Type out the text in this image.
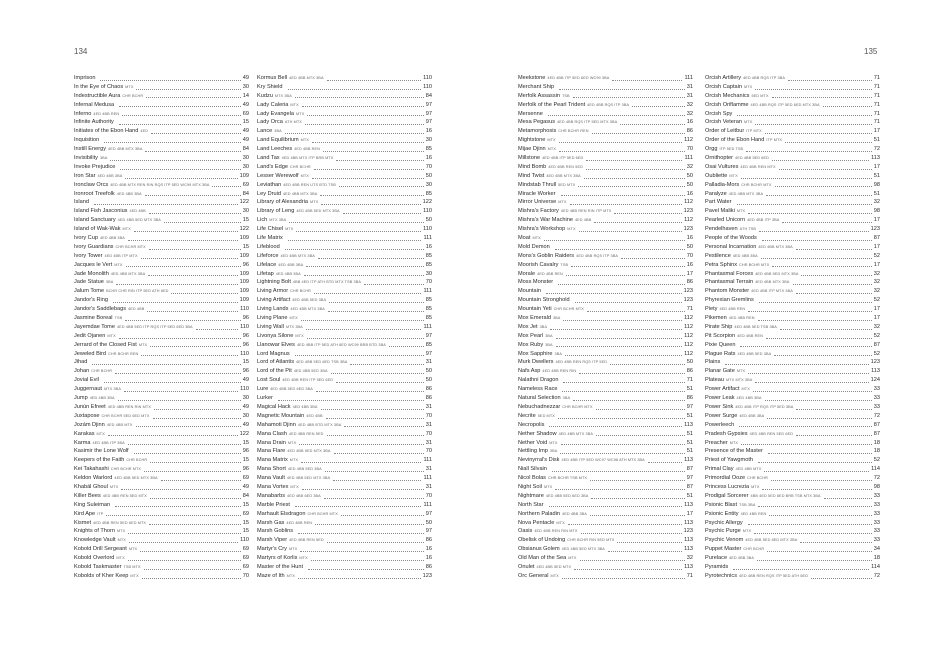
134	135
Imprison	49
In the Eye of Chaos MTX	30
Indestructible Aura CHR BCHR	14
Infernal Medusa	49
Inferno 4ED 4BB REN	69
Infinite Authority	15
Initiates of the Ebon Hand 4ED	49
Inquisition	49
Instill Energy 4ED 4BB MTX 3BA	84
Invisibility 3BA	30
Invoke Prejudice	30
Iron Star 4ED 4BB 3BA	109
Ironclaw Orcs 4ED 4BB MTX REN RIN RQS ITP 5ED WC99 MTX 3BA	69
Ironroot Treefolk 4ED 4BB 3BA	84
Island	122
Island Fish Jasconius 4ED 4BB	30
Island Sanctuary 4ED 4BB 5ED MTX 3BA	15
Island of Wak-Wak MTX	122
Ivory Cup 4ED 4BB 3BA	109
Ivory Guardians CHR BCHR MTX	15
Ivory Tower 4ED 4BB ITP MTX	109
Jacques le Vert MTX	96
Jade Monolith 4ED 4BB MTX 3BA	109
Jade Statue 3BA	109
Jalum Tome BCHR CHR RIN ITP 5ED ATH 6ED	109
Jandor's Ring	109
Jandor's Saddlebags 4ED 4BB	110
Jasmine Boreal TSB	96
Jayemdae Tome 4ED 4BB 5ED ITP RQS ITP 5ED 6ED 3BA	110
Jedit Ojanen MTX	96
Jerrard of the Closed Fist MTX	96
Jeweled Bird CHR BCHR REN	110
Jihad	15
Johan CHR BCHR	96
Jovial Evil	49
Juggernaut MTX 3BA	110
Jump 4ED 4BB 3BA	30
Junún Efreet 4ED 4BB REN RIN MTX	49
Juxtapose CHR BCHR 5ED 6ED MTX	30
Jozám Djinn 4ED 4BB MTX	49
Karakas MTX	122
Karma 4ED 4BB ITP 3BA	15
Kasimir the Lone Wolf	96
Keepers of the Faith CHR BCHR	15
Kei Takahashi CHR BCHR MTX	96
Keldon Warlord 4ED 4BB 5ED MTX 3BA	69
Khabál Ghoul MTX	49
Killer Bees 4ED 4BB REN 5ED MTX	84
King Suleiman	15
Kird Ape ITP	69
Kismet 4ED 4BB REN 5ED 6ED MTX	15
Knights of Thorn MTX	15
Knowledge Vault MTX	110
Kobold Drill Sergeant MTX	69
Kobold Overlord MTX	69
Kobold Taskmaster TSB MTX	69
Kobolds of Kher Keep MTX	70
Kormus Bell 4ED 4BB MTX 3BA	110
Kry Shield	110
Kudzu MTX 3BA	84
Lady Caleria MTX	97
Lady Evangela MTX	97
Lady Orca ATH MTX	97
Lance 3BA	16
Land Equilibrium MTX	30
Land Leeches 4ED 4BB REN	85
Land Tax 4ED 4BB MTX ITP BRB MTX	16
Land's Edge CHR BCHR	70
Lesser Werewolf MTX	50
Leviathan 4ED 4BB REN UTS BTD TSB	30
Ley Druid 4ED 4BB MTX 3BA	85
Library of Alexandria MTX	122
Library of Leng 4ED 4BB 5ED MTX 3BA	110
Lich MTX 3BA	50
Life Chisel MTX	110
Life Matrix	111
Lifeblood	16
Lifeforce 4ED 4BB MTX 3BA	85
Lifelace 4ED 4BB 3BA	85
Lifetap 4ED 4BB 3BA	30
Lightning Bolt 4BB 4ED ITP ATH BTD MTX TSB 3BA	70
Living Armor CHR BCHR	111
Living Artifact 4ED 4BB 5ED 3BA	85
Living Lands 4ED 4BB MTX 3BA	85
Living Plane MTX	85
Living Wall MTX 3BA	111
Livonya Silone MTX	97
Llanowar Elves 4ED 4BB ITP 5ED ATH 6ED WC99 BRB BTD 3BA	85
Lord Magnus	97
Lord of Atlantis 4ED 4BB 5ED 6ED TSB 3BA	31
Lord of the Pit 4ED 4BB 5ED 3BA	50
Lost Soul 4ED 4BB REN ITP 5ED 6ED	50
Lure 4ED 4BB 5ED 6ED 3BA	86
Lurker	86
Magical Hack 4ED 4BB 3BA	31
Magnetic Mountain 4ED 4BB	70
Mahamoti Djinn 4ED 4BB BTD MTX 3BA	31
Mana Clash 4ED 4BB REN 5ED	70
Mana Drain MTX	31
Mana Flare 4ED 4BB 5ED MTX 3BA	70
Mana Matrix MTX	111
Mana Short 4ED 4BB 5ED 3BA	31
Mana Vault 4ED 4BB 5ED MTX 3BA	111
Mana Vortex MTX	31
Manabarbs 4ED 4BB 6ED 3BA	70
Marble Priest	111
Marhault Elsdragon CHR BCHR MTX	97
Marsh Gas 4ED 4BB REN	50
Marsh Goblins	97
Marsh Viper 4ED 4BB REN 5ED	86
Martyr's Cry MTX	16
Martyrs of Korlis MTX	16
Master of the Hunt	86
Maze of Ith MTX	123
Meekstone 4ED 4BB ITP 5ED 6ED WC99 3BA	111
Merchant Ship	31
Merfolk Assassin TSB	31
Merfolk of the Pearl Trident 4ED 4BB RQS ITP 3BA	32
Mersenne	32
Mesa Pegasus 4ED 4BB RQS ITP 5ED MTX 3BA	16
Metamorphosis CHR BCHR REN	86
Mightstone MTX	112
Mijae Djinn MTX	70
Millstone 4ED 4BB ITP 5ED 6ED	111
Mind Bomb 4ED 4BB REN 5ED	32
Mind Twist 4ED 4BB MTX 3BA	50
Mindstab Thrull 5ED MTX	50
Miracle Worker	16
Mirror Universe MTX	112
Mishra's Factory 4ED 4BB REN RIN ITP MTX	123
Mishra's War Machine 4ED 4BB	112
Mishra's Workshop MTX	123
Moat MTX	16
Mold Demon	50
Mons's Goblin Raiders 4ED 4BB RQS ITP 3BA	70
Moorish Cavalry TSB	16
Morale 4ED 4BB REN	17
Moss Monster	86
Mountain	123
Mountain Stronghold	123
Mountain Yeti CHR BCHR MTX	71
Mox Emerald 3BA	112
Mox Jet 3BA	112
Mox Pearl 3BA	112
Mox Ruby 3BA	112
Mox Sapphire 3BA	112
Murk Dwellers 4ED 4BB REN RQS ITP 5ED	50
Nafs Asp 4ED 4BB REN RIN	86
Nalathni Dragon	71
Nameless Race	51
Natural Selection 3BA	86
Nebuchadnezzar CHR BCHR MTX	97
Necrite 5ED MTX	51
Necropolis	113
Nether Shadow 4ED 4BB MTX 3BA	51
Nether Void MTX	51
Nettling Imp 3BA	51
Nevinyrral's Disk 4ED 4BB ITP 5ED WC97 WC98 ATH MTX 3BA	113
Niall Silvain	87
Nicol Bolas CHR BCHR TSB MTX	97
Night Soil MTX	87
Nightmare 4ED 4BB 5ED 6ED 3BA	51
North Star	113
Northern Paladin 4ED 4BB 3BA	17
Nova Pentacle MTX	113
Oasis 4ED 4BB REN RIN MTX	123
Obelisk of Undoing CHR BCHR RIN 5ED MTX	113
Obsianus Golem 4ED 4BB 5ED MTX 3BA	113
Old Man of the Sea MTX	32
Onulet 4ED 4BB 5ED MTX	113
Orc General MTX	71
Orcish Artillery 4ED 4BB RQS ITP 3BA	71
Orcish Captain MTX	71
Orcish Mechanics 5ED MTX	71
Orcish Oriflamme 4ED 4BB RQS ITP 5ED 6ED MTX 3BA	71
Orcish Spy	71
Orcish Veteran MTX	71
Order of Leitbur ITP MTX	17
Order of the Ebon Hand ITP MTX	51
Orgg ITP 5ED TSB	72
Ornithopter 4ED 4BB 5ED 6ED	113
Osai Vultures 4ED 4BB REN MTX	17
Oubliette MTX	51
Palladia-Mors CHR BCHR MTX	98
Paralyze 4ED 4BB MTX 3BA	51
Part Water	32
Pavel Maliki MTX	98
Pearled Unicorn 4ED 4BB ITP 3BA	17
Pendelhaven ATH TSB	123
People of the Woods	87
Personal Incarnation 4ED 4BB MTX 3BA	17
Pestilence 4ED 4BB 3BA	52
Petra Sphinx CHR BCHR MTX	17
Phantasmal Forces 4ED 4BB 5ED MTX 3BA	32
Phantasmal Terrain 4ED 4BB MTX 3BA	32
Phantom Monster 4ED 4BB ITP MTX 3BA	32
Phyrexian Gremlins	52
Piety 4ED 4BB REN	17
Pikemen 4ED 4BB REN	17
Pirate Ship 4ED 4BB 5ED TSB 3BA	32
Pit Scorpion 4ED 4BB REN	52
Pixie Queen	87
Plague Rats 4ED 4BB 5ED 3BA	52
Plains	123
Planar Gate MTX	113
Plateau MTX MTX 3BA	124
Power Artifact MTX	33
Power Leak 4ED 4BB 3BA	33
Power Sink 4ED 4BB ITP RQS ITP 5ED 3BA	33
Power Surge 4ED 4BB 3BA	72
Powerleech	87
Pradesh Gypsies 4ED 4BB REN 5ED 6ED	87
Preacher MTX	18
Presence of the Master	18
Priest of Yawgmoth	52
Primal Clay 4ED 4BB MTX	114
Primordial Ooze CHR BCHR	72
Princess Lucrezia MTX	98
Prodigal Sorcerer 4BB 4ED 5ED 6ED BRB TSB MTX 3BA	33
Psionic Blast TSB 3BA	33
Psionic Entity 4ED 4BB REN	33
Psychic Allergy	33
Psychic Purge MTX	33
Psychic Venom 4ED 4BB 5ED 6ED MTX 3BA	33
Puppet Master CHR BCHR	34
Purelace 4ED 4BB 3BA	18
Pyramids	114
Pyrotechnics 4ED 4BB REN RQS ITP 5ED ATH 6ED	72
